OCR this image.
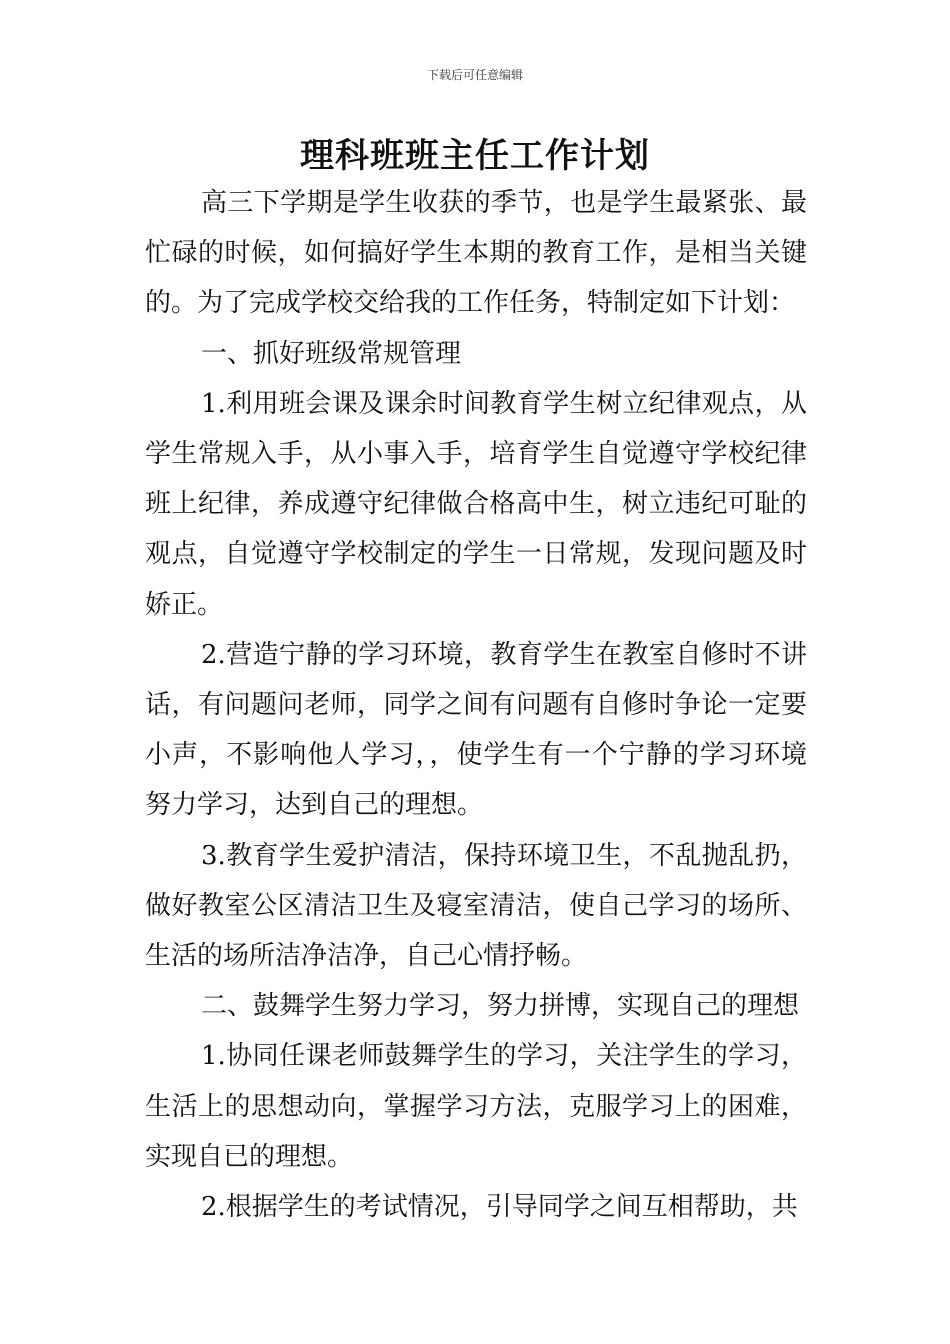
下载后可任意编辑
理科班班主任工作计划

高三下学期是学生收获的季节，也是学生最紧张、最忙碌的时候，如何搞好学生本期的教育工作，是相当关键的。为了完成学校交给我的工作任务，特制定如下计划：

一、抓好班级常规管理

1.利用班会课及课余时间教育学生树立纪律观点，从学生常规入手，从小事入手，培育学生自觉遵守学校纪律班上纪律，养成遵守纪律做合格高中生，树立违纪可耻的观点，自觉遵守学校制定的学生一日常规，发现问题及时娇正。

2.营造宁静的学习环境，教育学生在教室自修时不讲话，有问题问老师，同学之间有问题有自修时争论一定要小声，不影响他人学习，，使学生有一个宁静的学习环境努力学习，达到自己的理想。

3.教育学生爱护清洁，保持环境卫生，不乱抛乱扔，做好教室公区清洁卫生及寝室清洁，使自己学习的场所、生活的场所洁净洁净，自己心情抒畅。

二、鼓舞学生努力学习，努力拼博，实现自己的理想

1.协同任课老师鼓舞学生的学习，关注学生的学习，生活上的思想动向，掌握学习方法，克服学习上的困难，实现自已的理想。

2.根据学生的考试情况，引导同学之间互相帮助，共
